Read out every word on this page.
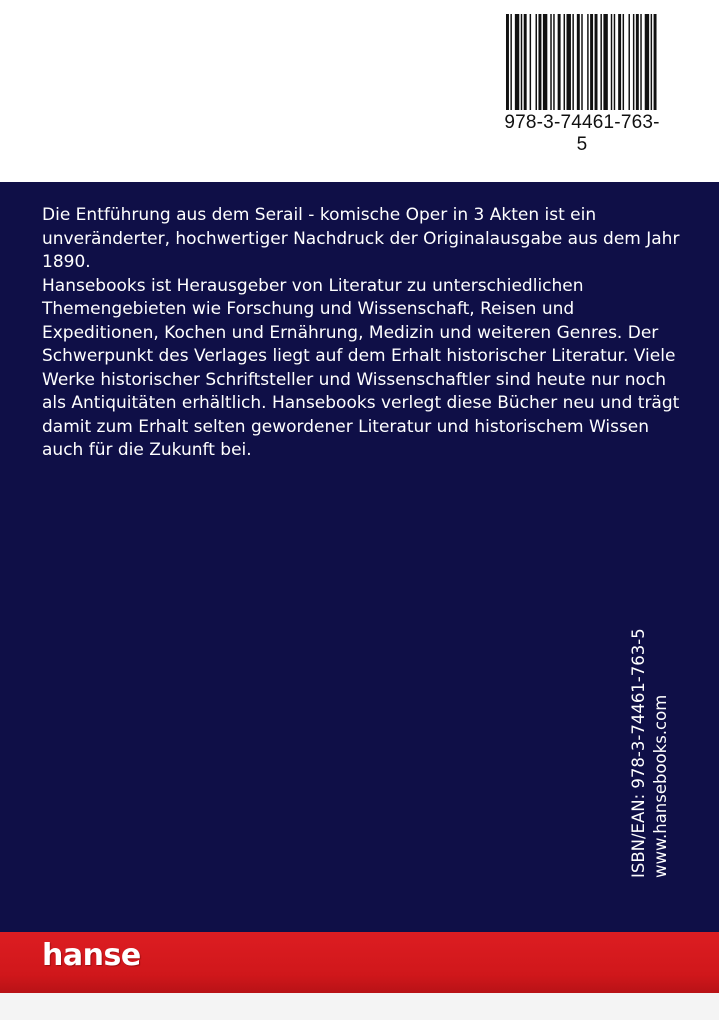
978-3-74461-763-5

Die Entführung aus dem Serail - komische Oper in 3 Akten ist ein unveränderter, hochwertiger Nachdruck der Originalausgabe aus dem Jahr 1890.

Hansebooks ist Herausgeber von Literatur zu unterschiedlichen Themengebieten wie Forschung und Wissenschaft, Reisen und Expeditionen, Kochen und Ernährung, Medizin und weiteren Genres. Der Schwerpunkt des Verlages liegt auf dem Erhalt historischer Literatur. Viele Werke historischer Schriftsteller und Wissenschaftler sind heute nur noch als Antiquitäten erhältlich. Hansebooks verlegt diese Bücher neu und trägt damit zum Erhalt selten gewordener Literatur und historischem Wissen auch für die Zukunft bei.

ISBN/EAN: 978-3-74461-763-5 www.hansebooks.com
hanse
